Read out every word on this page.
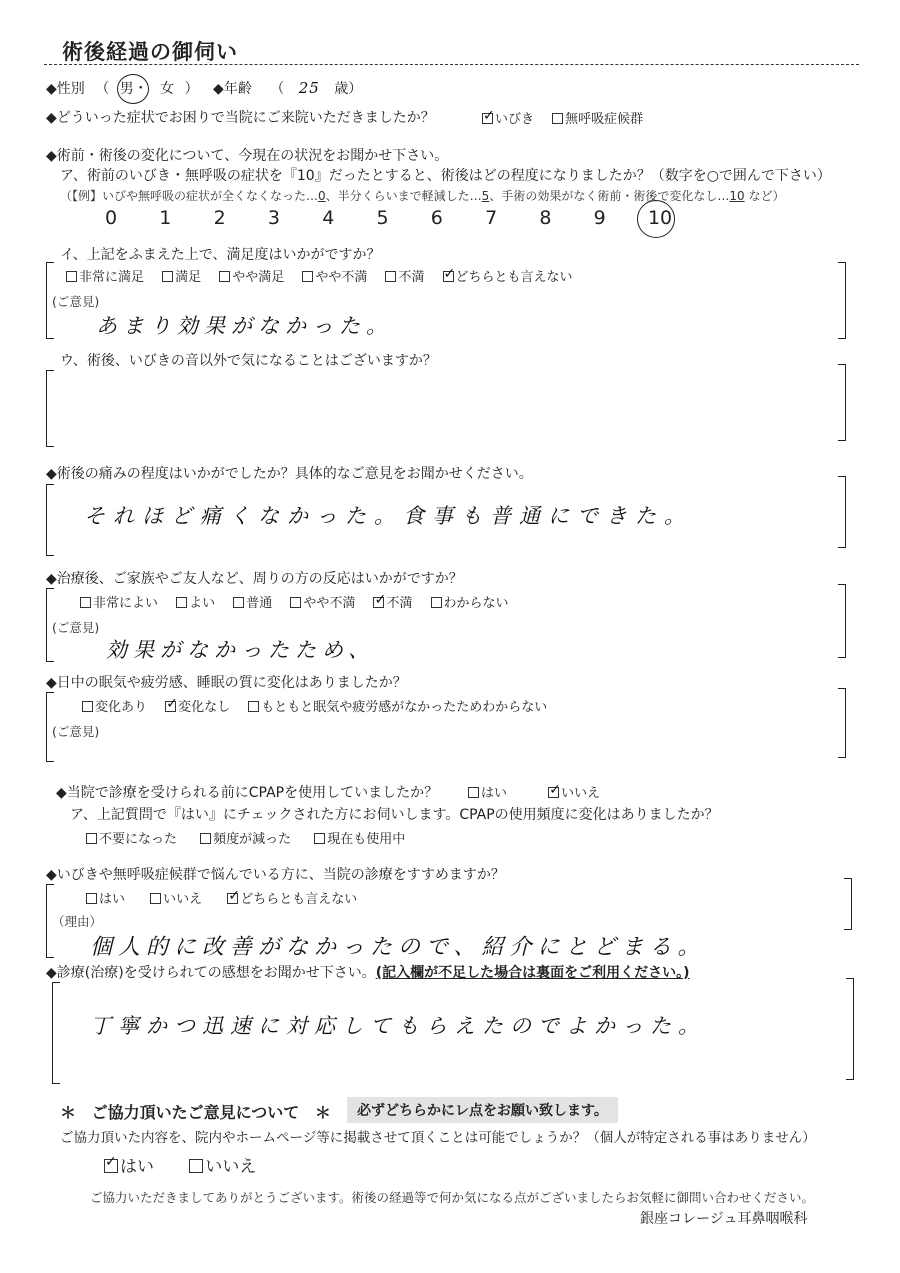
術後経過の御伺い
◆性別 （ 男・ 女 ） ◆年齢 （ 25 歳）
◆どういった症状でお困りで当院にご来院いただきましたか？ ✓	いびき 無呼吸症候群
◆術前・術後の変化について、今現在の状況をお聞かせ下さい。
ア、術前のいびき・無呼吸の症状を『10』だったとすると、術後はどの程度になりましたか？（数字を○で囲んで下さい）
（【例】いびや無呼吸の症状が全くなくなった…0、半分くらいまで軽減した…5、手術の効果がなく術前・術後で変化なし…10 など）
0 1 2 3 4 5 6 7 8 9 10
イ、上記をふまえた上で、満足度はいかがですか？
非常に満足 満足 やや満足 やや不満 不満 ✓ どちらとも言えない
(ご意見)
あまり効果がなかった。
ウ、術後、いびきの音以外で気になることはございますか？
◆術後の痛みの程度はいかがでしたか？具体的なご意見をお聞かせください。
それほど痛くなかった。食事も普通にできた。
◆治療後、ご家族やご友人など、周りの方の反応はいかがですか？
非常によい よい 普通 やや不満 ✓ 不満 わからない
(ご意見)
効果がなかったため、
◆日中の眠気や疲労感、睡眠の質に変化はありましたか？
変化あり ✓ 変化なし もともと眠気や疲労感がなかったためわからない
(ご意見)
◆当院で診療を受けられる前にCPAPを使用していましたか？	はい ✓	いいえ
ア、上記質問で『はい』にチェックされた方にお伺いします。CPAPの使用頻度に変化はありましたか？
不要になった	頻度が減った	現在も使用中
◆いびきや無呼吸症候群で悩んでいる方に、当院の診療をすすめますか？
はい	いいえ ✓	どちらとも言えない
（理由）
個人的に改善がなかったので、紹介にとどまる。
◆診療(治療)を受けられての感想をお聞かせ下さい。(記入欄が不足した場合は裏面をご利用ください。)
丁寧かつ迅速に対応してもらえたのでよかった。
＊ ご協力頂いたご意見について ＊	必ずどちらかにレ点をお願い致します。
ご協力頂いた内容を、院内やホームページ等に掲載させて頂くことは可能でしょうか？（個人が特定される事はありません）
✓はい	いいえ
ご協力いただきましてありがとうございます。術後の経過等で何か気になる点がございましたらお気軽に御問い合わせください。
銀座コレージュ耳鼻咽喉科
